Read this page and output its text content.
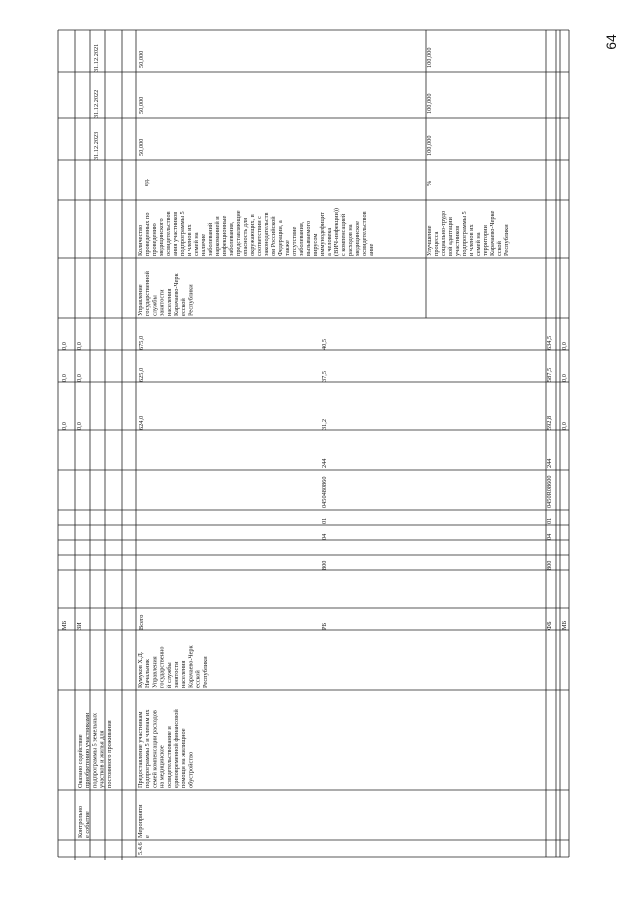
64
31.12.2021
31.12.2022
31.12.2023
Контрольное событие
Оказано содействиеприобретению участникамиподпрограммы 5 земельныхучастков и жилья дляпостоянного проживания
МБ
0,0
0,0
0,0
ЗИ
0,0
0,0
0,0
5.4.6
Мероприятие
Предоставление участникамподпрограммы 5 и членам ихсемей компенсации расходовна медицинскоеосвидетельствование иединовременной финансовойпомощи на жилищноеобустройство
Кумуков Х.Д.НачальникУправлениягосударственной службызанятостинаселенияКарачаево-ЧеркесскойРеспублики
Всего
624,0
625,0
675,0
РБ
800
04
01
0450480860
244
31,2
37,5
40,5
ФБ
800
04
01
0450R08600
244
592,8
587,5
634,5
МБ
0,0
0,0
0,0
УправлениегосударственнойслужбызанятостинаселенияКарачаево-ЧеркесскойРеспублики
Количествопроведенных попроведениюмедицинскогоосвидетельствования участниковподпрограммы 5и членов ихсемей наналичиезаболеванийнаркоманией иинфекционныезаболевания,представляющиеопасность дляокружающих, всоответствии сзаконодательством РоссийскойФедерации, атакжеотсутствиезаболевания,вызываемоговирусомиммунодефицита человека(ВИЧ-инфекции))с компенсациейрасходов намедицинскоеосвидетельствование
ед.
50,000
50,000
50,000
Улучшениепроцессасоциально-трудовой адаптацииучастниковподпрограммы 5и членов ихсемей натерриторииКарачаево-ЧеркесскойРеспублики
%
100,000
100,000
100,000
